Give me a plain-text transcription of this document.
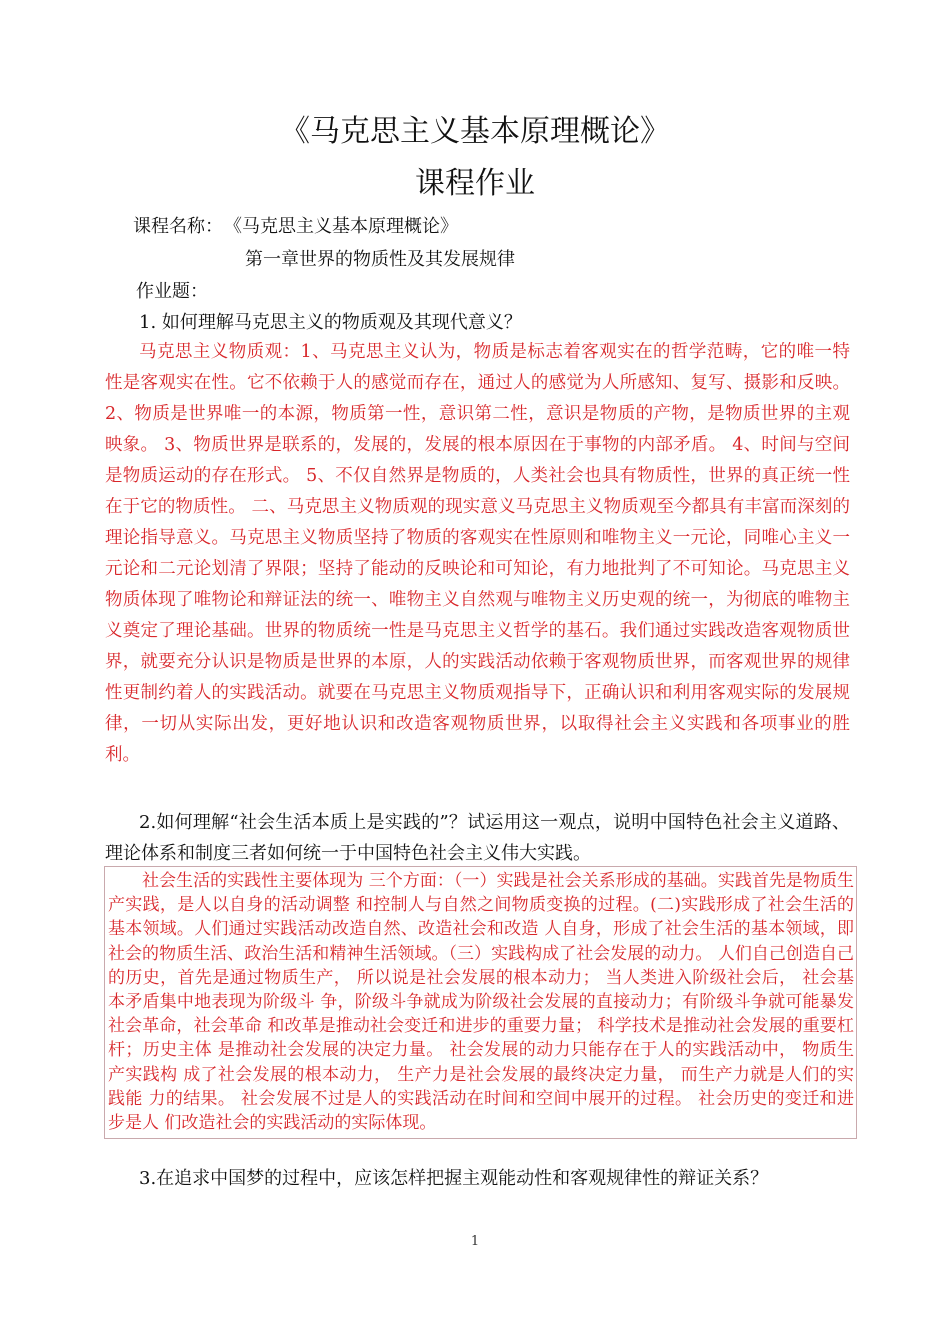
《马克思主义基本原理概论》
课程作业
课程名称： 《马克思主义基本原理概论》
第一章世界的物质性及其发展规律
作业题：
1. 如何理解马克思主义的物质观及其现代意义？
马克思主义物质观：1、马克思主义认为，物质是标志着客观实在的哲学范畴，它的唯一特性是客观实在性。它不依赖于人的感觉而存在，通过人的感觉为人所感知、复写、摄影和反映。 2、物质是世界唯一的本源，物质第一性，意识第二性，意识是物质的产物，是物质世界的主观映象。 3、物质世界是联系的，发展的，发展的根本原因在于事物的内部矛盾。 4、时间与空间是物质运动的存在形式。 5、不仅自然界是物质的，人类社会也具有物质性，世界的真正统一性在于它的物质性。 二、马克思主义物质观的现实意义马克思主义物质观至今都具有丰富而深刻的理论指导意义。马克思主义物质坚持了物质的客观实在性原则和唯物主义一元论，同唯心主义一元论和二元论划清了界限；坚持了能动的反映论和可知论，有力地批判了不可知论。马克思主义物质体现了唯物论和辩证法的统一、唯物主义自然观与唯物主义历史观的统一，为彻底的唯物主义奠定了理论基础。世界的物质统一性是马克思主义哲学的基石。我们通过实践改造客观物质世界，就要充分认识是物质是世界的本原，人的实践活动依赖于客观物质世界，而客观世界的规律性更制约着人的实践活动。就要在马克思主义物质观指导下，正确认识和利用客观实际的发展规律，一切从实际出发，更好地认识和改造客观物质世界，以取得社会主义实践和各项事业的胜利。
2.如何理解“社会生活本质上是实践的”？试运用这一观点，说明中国特色社会主义道路、理论体系和制度三者如何统一于中国特色社会主义伟大实践。
社会生活的实践性主要体现为 三个方面：（一）实践是社会关系形成的基础。实践首先是物质生产实践，是人以自身的活动调整 和控制人与自然之间物质变换的过程。(二)实践形成了社会生活的基本领域。人们通过实践活动改造自然、改造社会和改造 人自身，形成了社会生活的基本领域，即社会的物质生活、政治生活和精神生活领域。（三）实践构成了社会发展的动力。 人们自己创造自己的历史，首先是通过物质生产， 所以说是社会发展的根本动力； 当人类进入阶级社会后， 社会基本矛盾集中地表现为阶级斗 争，阶级斗争就成为阶级社会发展的直接动力；有阶级斗争就可能暴发社会革命，社会革命 和改革是推动社会变迁和进步的重要力量； 科学技术是推动社会发展的重要杠杆；历史主体 是推动社会发展的决定力量。 社会发展的动力只能存在于人的实践活动中， 物质生产实践构 成了社会发展的根本动力， 生产力是社会发展的最终决定力量， 而生产力就是人们的实践能 力的结果。 社会发展不过是人的实践活动在时间和空间中展开的过程。 社会历史的变迁和进步是人 们改造社会的实践活动的实际体现。
3.在追求中国梦的过程中，应该怎样把握主观能动性和客观规律性的辩证关系？
1
